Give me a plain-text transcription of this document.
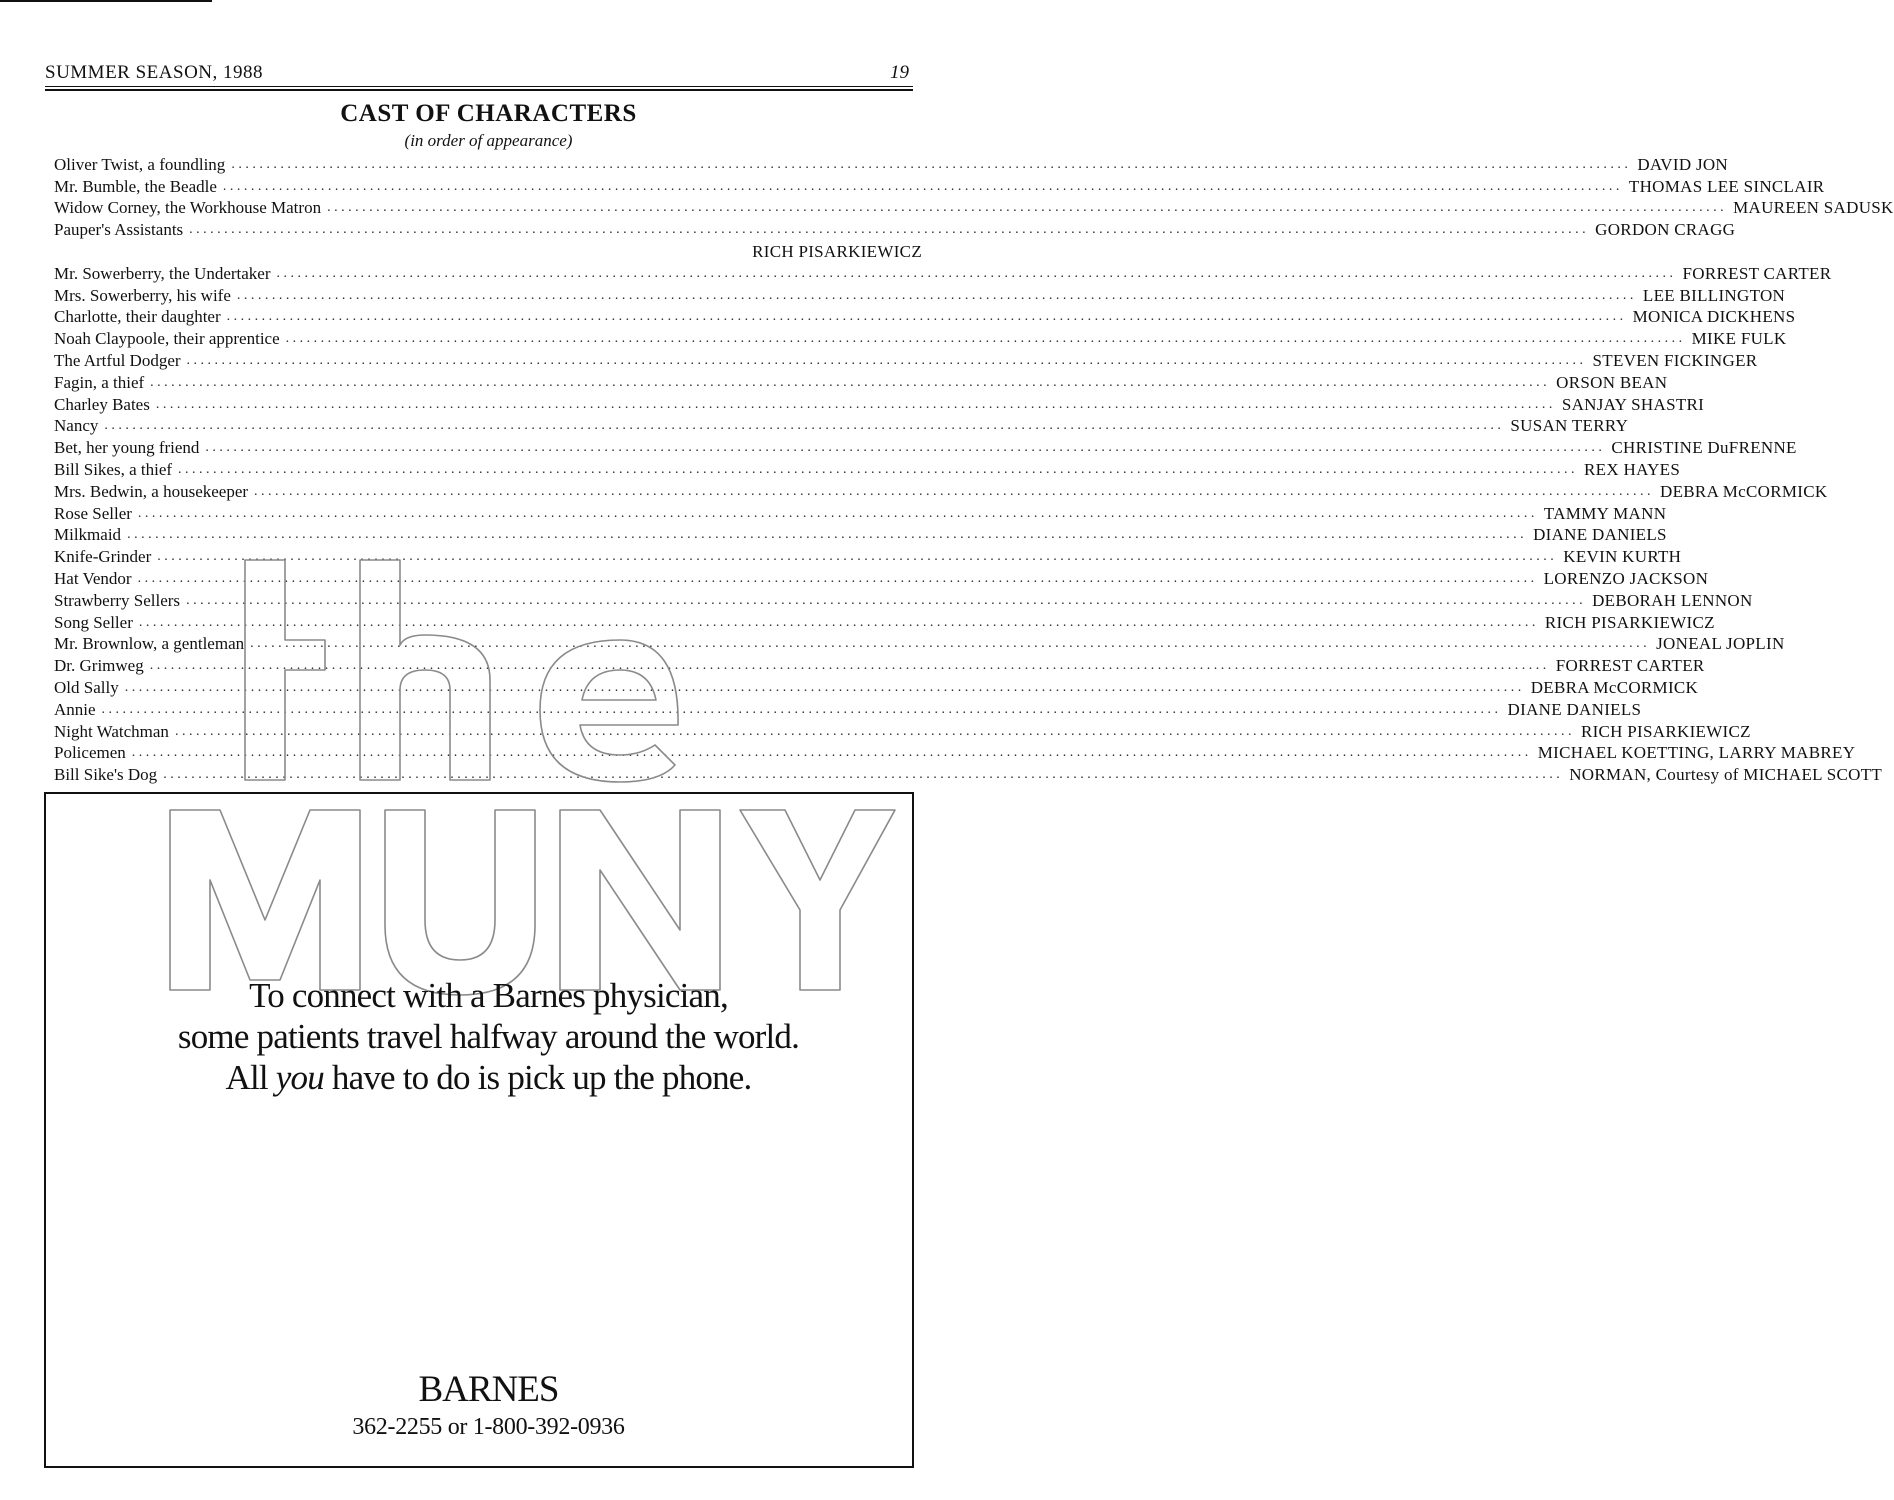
SUMMER SEASON, 1988	19
CAST OF CHARACTERS
(in order of appearance)
Oliver Twist, a foundling ........................................................................................................................................................................................................ DAVID JON
Mr. Bumble, the Beadle ........................................................................................................................................................................................................ THOMAS LEE SINCLAIR
Widow Corney, the Workhouse Matron ........................................................................................................................................................................................................ MAUREEN SADUSK
Pauper's Assistants ........................................................................................................................................................................................................ GORDON CRAGG
RICH PISARKIEWICZ
Mr. Sowerberry, the Undertaker ........................................................................................................................................................................................................ FORREST CARTER
Mrs. Sowerberry, his wife ........................................................................................................................................................................................................ LEE BILLINGTON
Charlotte, their daughter ........................................................................................................................................................................................................ MONICA DICKHENS
Noah Claypoole, their apprentice ........................................................................................................................................................................................................ MIKE FULK
The Artful Dodger ........................................................................................................................................................................................................ STEVEN FICKINGER
Fagin, a thief ........................................................................................................................................................................................................ ORSON BEAN
Charley Bates ........................................................................................................................................................................................................ SANJAY SHASTRI
Nancy ........................................................................................................................................................................................................ SUSAN TERRY
Bet, her young friend ........................................................................................................................................................................................................ CHRISTINE DuFRENNE
Bill Sikes, a thief ........................................................................................................................................................................................................ REX HAYES
Mrs. Bedwin, a housekeeper ........................................................................................................................................................................................................ DEBRA McCORMICK
Rose Seller ........................................................................................................................................................................................................ TAMMY MANN
Milkmaid ........................................................................................................................................................................................................ DIANE DANIELS
Knife-Grinder ........................................................................................................................................................................................................ KEVIN KURTH
Hat Vendor ........................................................................................................................................................................................................ LORENZO JACKSON
Strawberry Sellers ........................................................................................................................................................................................................ DEBORAH LENNON
Song Seller ........................................................................................................................................................................................................ RICH PISARKIEWICZ
Mr. Brownlow, a gentleman ........................................................................................................................................................................................................ JONEAL JOPLIN
Dr. Grimweg ........................................................................................................................................................................................................ FORREST CARTER
Old Sally ........................................................................................................................................................................................................ DEBRA McCORMICK
Annie ........................................................................................................................................................................................................ DIANE DANIELS
Night Watchman ........................................................................................................................................................................................................ RICH PISARKIEWICZ
Policemen ........................................................................................................................................................................................................ MICHAEL KOETTING, LARRY MABREY
Bill Sike's Dog ........................................................................................................................................................................................................ NORMAN, Courtesy of MICHAEL SCOTT
To connect with a Barnes physician,
some patients travel halfway around the world.
All you have to do is pick up the phone.
BARNES
362-2255 or 1-800-392-0936
